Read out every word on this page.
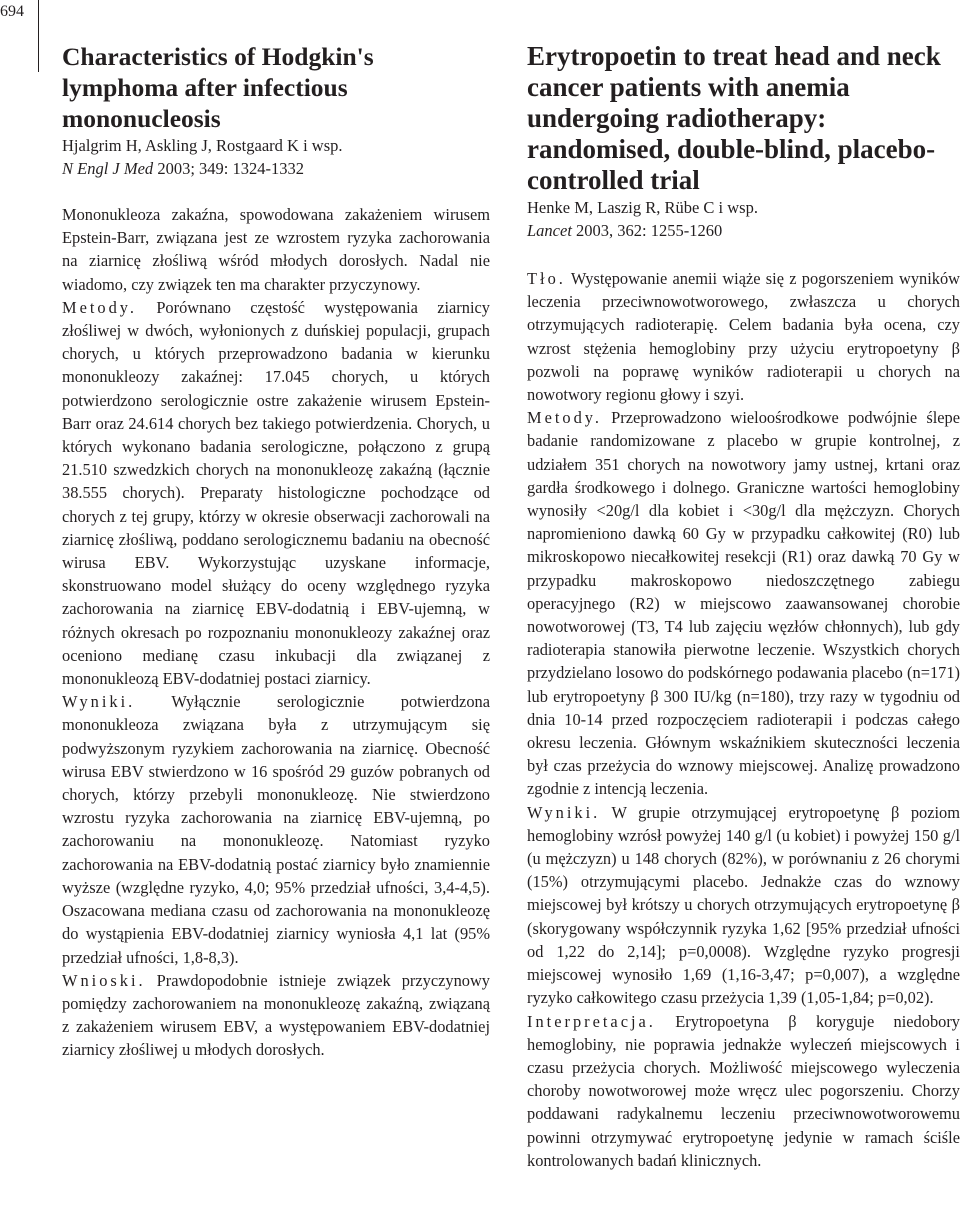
694
Characteristics of Hodgkin's lymphoma after infectious mononucleosis

Hjalgrim H, Askling J, Rostgaard K i wsp.

N Engl J Med 2003; 349: 1324-1332

Mononukleoza zakaźna, spowodowana zakażeniem wirusem Epstein-Barr, związana jest ze wzrostem ryzyka zachorowania na ziarnicę złośliwą wśród młodych dorosłych. Nadal nie wiadomo, czy związek ten ma charakter przyczynowy.

Metody. Porównano częstość występowania ziarnicy złośliwej w dwóch, wyłonionych z duńskiej populacji, grupach chorych, u których przeprowadzono badania w kierunku mononukleozy zakaźnej: 17.045 chorych, u których potwierdzono serologicznie ostre zakażenie wirusem Epstein-Barr oraz 24.614 chorych bez takiego potwierdzenia. Chorych, u których wykonano badania serologiczne, połączono z grupą 21.510 szwedzkich chorych na mononukleozę zakaźną (łącznie 38.555 chorych). Preparaty histologiczne pochodzące od chorych z tej grupy, którzy w okresie obserwacji zachorowali na ziarnicę złośliwą, poddano serologicznemu badaniu na obecność wirusa EBV. Wykorzystując uzyskane informacje, skonstruowano model służący do oceny względnego ryzyka zachorowania na ziarnicę EBV-dodatnią i EBV-ujemną, w różnych okresach po rozpoznaniu mononukleozy zakaźnej oraz oceniono medianę czasu inkubacji dla związanej z mononukleozą EBV-dodatniej postaci ziarnicy.

Wyniki. Wyłącznie serologicznie potwierdzona mononukleoza związana była z utrzymującym się podwyższonym ryzykiem zachorowania na ziarnicę. Obecność wirusa EBV stwierdzono w 16 spośród 29 guzów pobranych od chorych, którzy przebyli mononukleozę. Nie stwierdzono wzrostu ryzyka zachorowania na ziarnicę EBV-ujemną, po zachorowaniu na mononukleozę. Natomiast ryzyko zachorowania na EBV-dodatnią postać ziarnicy było znamiennie wyższe (względne ryzyko, 4,0; 95% przedział ufności, 3,4-4,5). Oszacowana mediana czasu od zachorowania na mononukleozę do wystąpienia EBV-dodatniej ziarnicy wyniosła 4,1 lat (95% przedział ufności, 1,8-8,3).

Wnioski. Prawdopodobnie istnieje związek przyczynowy pomiędzy zachorowaniem na mononukleozę zakaźną, związaną z zakażeniem wirusem EBV, a występowaniem EBV-dodatniej ziarnicy złośliwej u młodych dorosłych.

Erytropoetin to treat head and neck cancer patients with anemia undergoing radiotherapy: randomised, double-blind, placebo-controlled trial

Henke M, Laszig R, Rübe C i wsp.

Lancet 2003, 362: 1255-1260

Tło. Występowanie anemii wiąże się z pogorszeniem wyników leczenia przeciwnowotworowego, zwłaszcza u chorych otrzymujących radioterapię. Celem badania była ocena, czy wzrost stężenia hemoglobiny przy użyciu erytropoetyny β pozwoli na poprawę wyników radioterapii u chorych na nowotwory regionu głowy i szyi.

Metody. Przeprowadzono wieloośrodkowe podwójnie ślepe badanie randomizowane z placebo w grupie kontrolnej, z udziałem 351 chorych na nowotwory jamy ustnej, krtani oraz gardła środkowego i dolnego. Graniczne wartości hemoglobiny wynosiły <20g/l dla kobiet i <30g/l dla mężczyzn. Chorych napromieniono dawką 60 Gy w przypadku całkowitej (R0) lub mikroskopowo niecałkowitej resekcji (R1) oraz dawką 70 Gy w przypadku makroskopowo niedoszczętnego zabiegu operacyjnego (R2) w miejscowo zaawansowanej chorobie nowotworowej (T3, T4 lub zajęciu węzłów chłonnych), lub gdy radioterapia stanowiła pierwotne leczenie. Wszystkich chorych przydzielano losowo do podskórnego podawania placebo (n=171) lub erytropoetyny β 300 IU/kg (n=180), trzy razy w tygodniu od dnia 10-14 przed rozpoczęciem radioterapii i podczas całego okresu leczenia. Głównym wskaźnikiem skuteczności leczenia był czas przeżycia do wznowy miejscowej. Analizę prowadzono zgodnie z intencją leczenia.

Wyniki. W grupie otrzymującej erytropoetynę β poziom hemoglobiny wzrósł powyżej 140 g/l (u kobiet) i powyżej 150 g/l (u mężczyzn) u 148 chorych (82%), w porównaniu z 26 chorymi (15%) otrzymującymi placebo. Jednakże czas do wznowy miejscowej był krótszy u chorych otrzymujących erytropoetynę β (skorygowany współczynnik ryzyka 1,62 [95% przedział ufności od 1,22 do 2,14]; p=0,0008). Względne ryzyko progresji miejscowej wynosiło 1,69 (1,16-3,47; p=0,007), a względne ryzyko całkowitego czasu przeżycia 1,39 (1,05-1,84; p=0,02).

Interpretacja. Erytropoetyna β koryguje niedobory hemoglobiny, nie poprawia jednakże wyleczeń miejscowych i czasu przeżycia chorych. Możliwość miejscowego wyleczenia choroby nowotworowej może wręcz ulec pogorszeniu. Chorzy poddawani radykalnemu leczeniu przeciwnowotworowemu powinni otrzymywać erytropoetynę jedynie w ramach ściśle kontrolowanych badań klinicznych.
